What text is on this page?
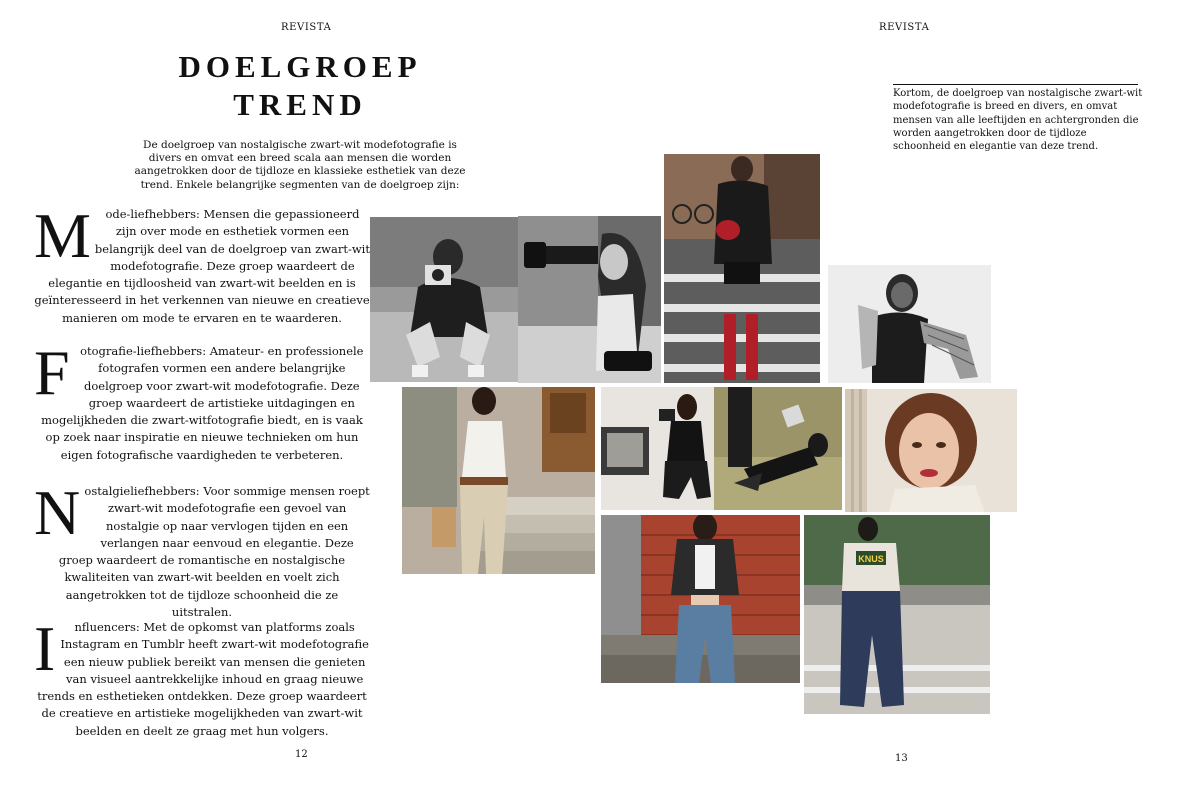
REVISTA
DOELGROEP
TREND
De doelgroep van nostalgische zwart-wit modefotografie is divers en omvat een breed scala aan mensen die worden aangetrokken door de tijdloze en klassieke esthetiek van deze trend. Enkele belangrijke segmenten van de doelgroep zijn:
M ode-liefhebbers: Mensen die gepassioneerd zijn over mode en esthetiek vormen een belangrijk deel van de doelgroep van zwart-wit modefotografie. Deze groep waardeert de elegantie en tijdloosheid van zwart-wit beelden en is geïnteresseerd in het verkennen van nieuwe en creatieve manieren om mode te ervaren en te waarderen.
Fotografie-liefhebbers: Amateur- en professionele fotografen vormen een andere belangrijke doelgroep voor zwart-wit modefotografie. Deze groep waardeert de artistieke uitdagingen en mogelijkheden die zwart-witfotografie biedt, en is vaak op zoek naar inspiratie en nieuwe technieken om hun eigen fotografische vaardigheden te verbeteren.
Nostalgieliefhebbers: Voor sommige mensen roept zwart-wit modefotografie een gevoel van nostalgie op naar vervlogen tijden en een verlangen naar eenvoud en elegantie. Deze groep waardeert de romantische en nostalgische kwaliteiten van zwart-wit beelden en voelt zich aangetrokken tot de tijdloze schoonheid die ze uitstralen.
I nfluencers: Met de opkomst van platforms zoals Instagram en Tumblr heeft zwart-wit modefotografie een nieuw publiek bereikt van mensen die genieten van visueel aantrekkelijke inhoud en graag nieuwe trends en esthetieken ontdekken. Deze groep waardeert de creatieve en artistieke mogelijkheden van zwart-wit beelden en deelt ze graag met hun volgers.
12
REVISTA
Kortom, de doelgroep van nostalgische zwart-wit modefotografie is breed en divers, en omvat mensen van alle leeftijden en achtergronden die worden aangetrokken door de tijdloze schoonheid en elegantie van deze trend.
13
KNUS
